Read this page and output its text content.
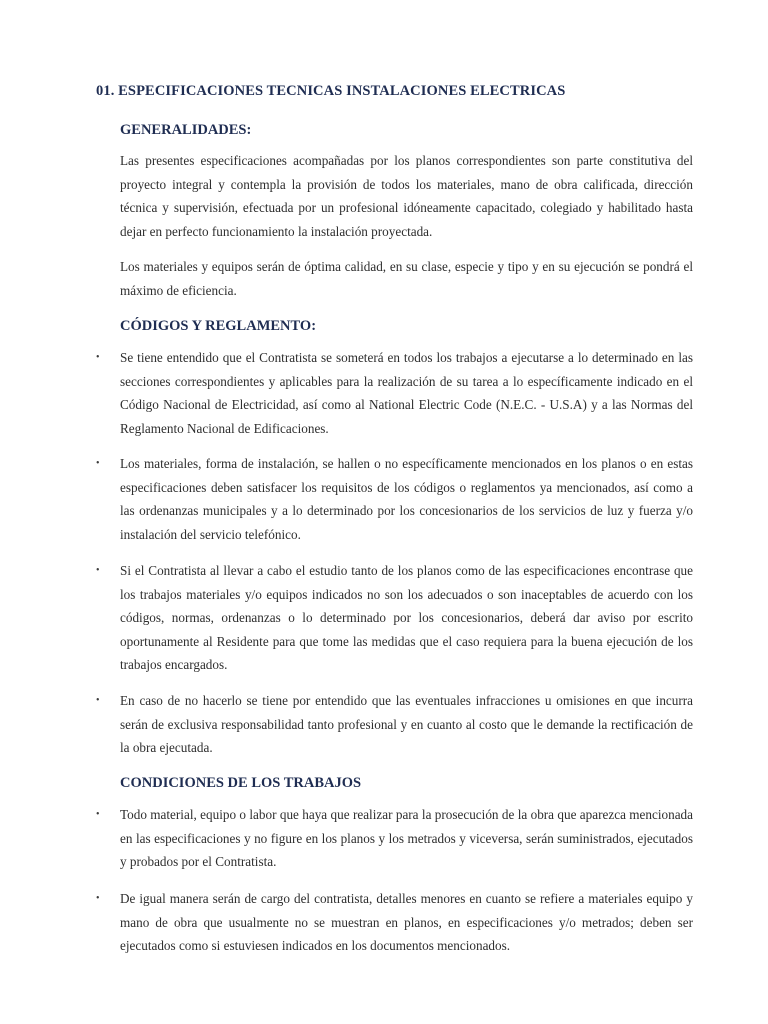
01. ESPECIFICACIONES TECNICAS INSTALACIONES ELECTRICAS
GENERALIDADES:
Las presentes especificaciones acompañadas por los planos correspondientes son parte constitutiva del proyecto integral y contempla la provisión de todos los materiales, mano de obra calificada, dirección técnica y supervisión, efectuada por un profesional idóneamente capacitado, colegiado y habilitado hasta dejar en perfecto funcionamiento la instalación proyectada.
Los materiales y equipos serán de óptima calidad, en su clase, especie y tipo y en su ejecución se pondrá el máximo de eficiencia.
CÓDIGOS Y REGLAMENTO:
•	Se tiene entendido que el Contratista se someterá en todos los trabajos a ejecutarse a lo determinado en las secciones correspondientes y aplicables para la realización de su tarea a lo específicamente indicado en el Código Nacional de Electricidad, así como al National Electric Code (N.E.C. - U.S.A) y a las Normas del Reglamento Nacional de Edificaciones.
•	Los materiales, forma de instalación, se hallen o no específicamente mencionados en los planos o en estas especificaciones deben satisfacer los requisitos de los códigos o reglamentos ya mencionados, así como a las ordenanzas municipales y a lo determinado por los concesionarios de los servicios de luz y fuerza y/o instalación del servicio telefónico.
•	Si el Contratista al llevar a cabo el estudio tanto de los planos como de las especificaciones encontrase que los trabajos materiales y/o equipos indicados no son los adecuados o son inaceptables de acuerdo con los códigos, normas, ordenanzas o lo determinado por los concesionarios, deberá dar aviso por escrito oportunamente al Residente para que tome las medidas que el caso requiera para la buena ejecución de los trabajos encargados.
•	En caso de no hacerlo se tiene por entendido que las eventuales infracciones u omisiones en que incurra serán de exclusiva responsabilidad tanto profesional y en cuanto al costo que le demande la rectificación de la obra ejecutada.
CONDICIONES DE LOS TRABAJOS
•	Todo material, equipo o labor que haya que realizar para la prosecución de la obra que aparezca mencionada en las especificaciones y no figure en los planos y los metrados y viceversa, serán suministrados, ejecutados y probados por el Contratista.
•	De igual manera serán de cargo del contratista, detalles menores en cuanto se refiere a materiales equipo y mano de obra que usualmente no se muestran en planos, en especificaciones y/o metrados; deben ser ejecutados como si estuviesen indicados en los documentos mencionados.
